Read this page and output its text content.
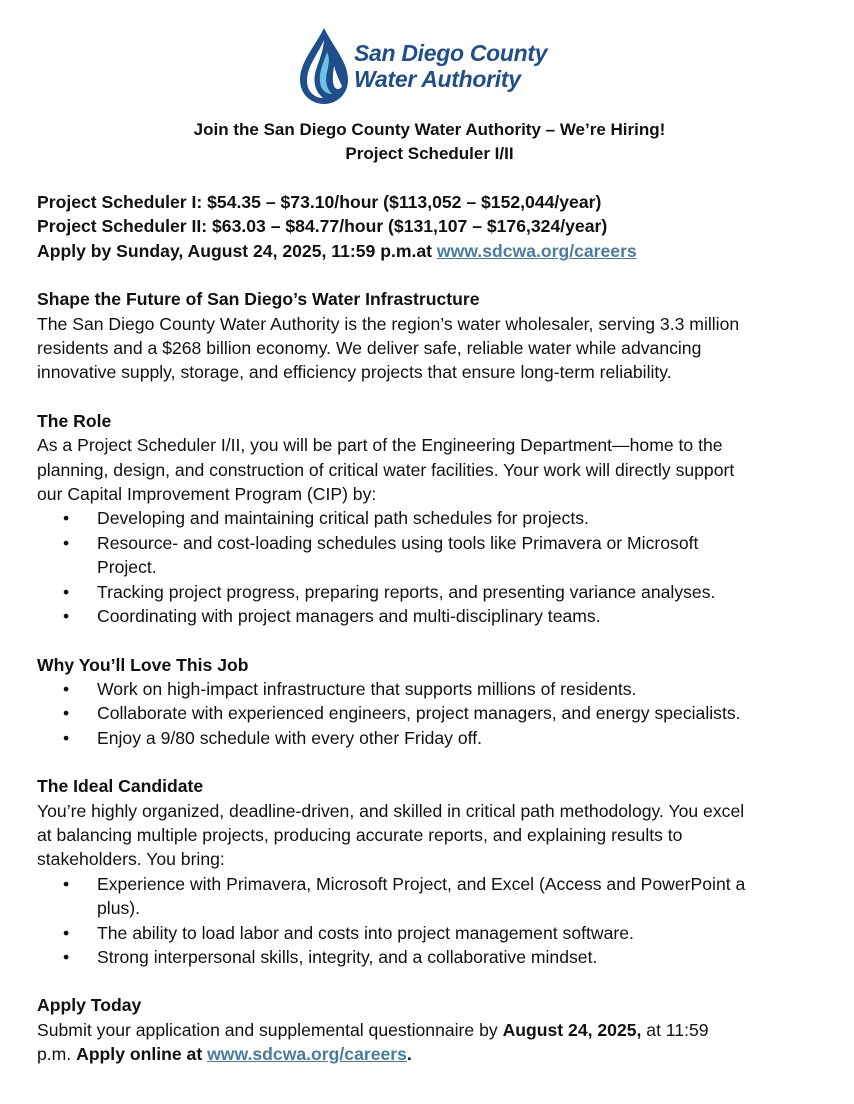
San Diego County
Water Authority
Join the San Diego County Water Authority – We’re Hiring!
Project Scheduler I/II
Project Scheduler I: $54.35 – $73.10/hour ($113,052 – $152,044/year)
Project Scheduler II: $63.03 – $84.77/hour ($131,107 – $176,324/year)
Apply by Sunday, August 24, 2025, 11:59 p.m.at www.sdcwa.org/careers
Shape the Future of San Diego’s Water Infrastructure
The San Diego County Water Authority is the region’s water wholesaler, serving 3.3 million
residents and a $268 billion economy. We deliver safe, reliable water while advancing
innovative supply, storage, and efficiency projects that ensure long-term reliability.
The Role
As a Project Scheduler I/II, you will be part of the Engineering Department—home to the
planning, design, and construction of critical water facilities. Your work will directly support
our Capital Improvement Program (CIP) by:
• Developing and maintaining critical path schedules for projects.
• Resource- and cost-loading schedules using tools like Primavera or Microsoft
Project.
• Tracking project progress, preparing reports, and presenting variance analyses.
• Coordinating with project managers and multi-disciplinary teams.
Why You’ll Love This Job
• Work on high-impact infrastructure that supports millions of residents.
• Collaborate with experienced engineers, project managers, and energy specialists.
• Enjoy a 9/80 schedule with every other Friday off.
The Ideal Candidate
You’re highly organized, deadline-driven, and skilled in critical path methodology. You excel
at balancing multiple projects, producing accurate reports, and explaining results to
stakeholders. You bring:
• Experience with Primavera, Microsoft Project, and Excel (Access and PowerPoint a
plus).
• The ability to load labor and costs into project management software.
• Strong interpersonal skills, integrity, and a collaborative mindset.
Apply Today
Submit your application and supplemental questionnaire by August 24, 2025, at 11:59
p.m. Apply online at www.sdcwa.org/careers.
